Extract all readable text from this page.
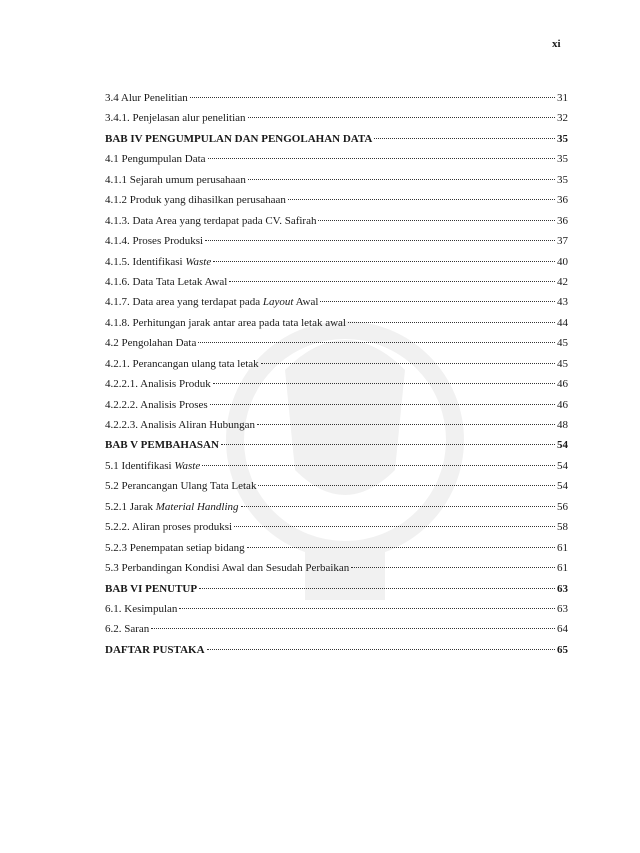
xi
3.4 Alur Penelitian	31
3.4.1. Penjelasan alur penelitian	32
BAB IV PENGUMPULAN DAN PENGOLAHAN DATA	35
4.1 Pengumpulan Data	35
4.1.1 Sejarah umum perusahaan	35
4.1.2 Produk yang dihasilkan perusahaan	36
4.1.3. Data Area yang terdapat pada CV. Safirah	36
4.1.4. Proses Produksi	37
4.1.5. Identifikasi Waste	40
4.1.6. Data Tata Letak Awal	42
4.1.7. Data area yang terdapat pada Layout Awal	43
4.1.8. Perhitungan jarak antar area pada tata letak awal	44
4.2 Pengolahan Data	45
4.2.1. Perancangan ulang tata letak	45
4.2.2.1. Analisis Produk	46
4.2.2.2. Analisis Proses	46
4.2.2.3. Analisis Aliran Hubungan	48
BAB V PEMBAHASAN	54
5.1 Identifikasi Waste	54
5.2 Perancangan Ulang Tata Letak	54
5.2.1 Jarak Material Handling	56
5.2.2. Aliran proses produksi	58
5.2.3 Penempatan setiap bidang	61
5.3 Perbandingan Kondisi Awal dan Sesudah Perbaikan	61
BAB VI PENUTUP	63
6.1. Kesimpulan	63
6.2. Saran	64
DAFTAR PUSTAKA	65
